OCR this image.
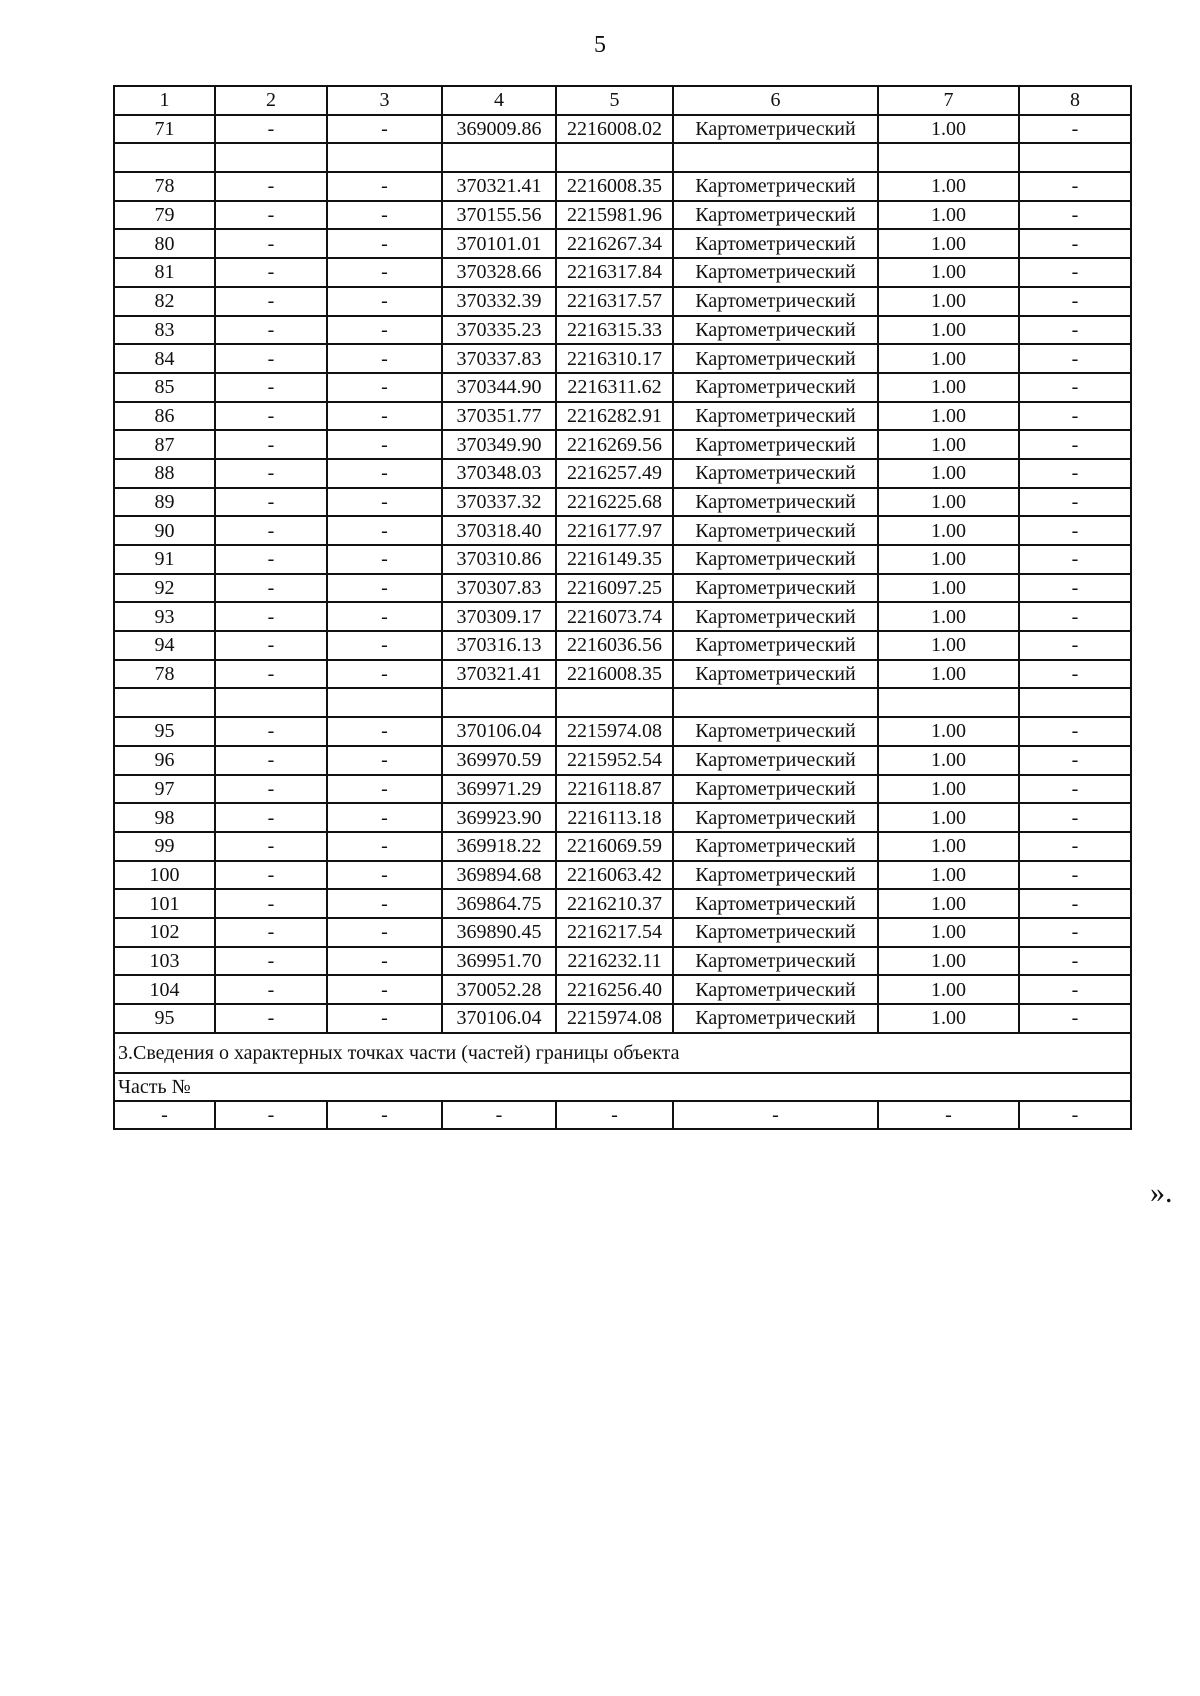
5
1	2	3	4	5	6	7	8
71	-	-	369009.86	2216008.02	Картометрический	1.00	-

78	-	-	370321.41	2216008.35	Картометрический	1.00	-
79	-	-	370155.56	2215981.96	Картометрический	1.00	-
80	-	-	370101.01	2216267.34	Картометрический	1.00	-
81	-	-	370328.66	2216317.84	Картометрический	1.00	-
82	-	-	370332.39	2216317.57	Картометрический	1.00	-
83	-	-	370335.23	2216315.33	Картометрический	1.00	-
84	-	-	370337.83	2216310.17	Картометрический	1.00	-
85	-	-	370344.90	2216311.62	Картометрический	1.00	-
86	-	-	370351.77	2216282.91	Картометрический	1.00	-
87	-	-	370349.90	2216269.56	Картометрический	1.00	-
88	-	-	370348.03	2216257.49	Картометрический	1.00	-
89	-	-	370337.32	2216225.68	Картометрический	1.00	-
90	-	-	370318.40	2216177.97	Картометрический	1.00	-
91	-	-	370310.86	2216149.35	Картометрический	1.00	-
92	-	-	370307.83	2216097.25	Картометрический	1.00	-
93	-	-	370309.17	2216073.74	Картометрический	1.00	-
94	-	-	370316.13	2216036.56	Картометрический	1.00	-
78	-	-	370321.41	2216008.35	Картометрический	1.00	-

95	-	-	370106.04	2215974.08	Картометрический	1.00	-
96	-	-	369970.59	2215952.54	Картометрический	1.00	-
97	-	-	369971.29	2216118.87	Картометрический	1.00	-
98	-	-	369923.90	2216113.18	Картометрический	1.00	-
99	-	-	369918.22	2216069.59	Картометрический	1.00	-
100	-	-	369894.68	2216063.42	Картометрический	1.00	-
101	-	-	369864.75	2216210.37	Картометрический	1.00	-
102	-	-	369890.45	2216217.54	Картометрический	1.00	-
103	-	-	369951.70	2216232.11	Картометрический	1.00	-
104	-	-	370052.28	2216256.40	Картометрический	1.00	-
95	-	-	370106.04	2215974.08	Картометрический	1.00	-
3.Сведения о характерных точках части (частей) границы объекта							
Часть №							
-	-	-	-	-	-	-	-
».
